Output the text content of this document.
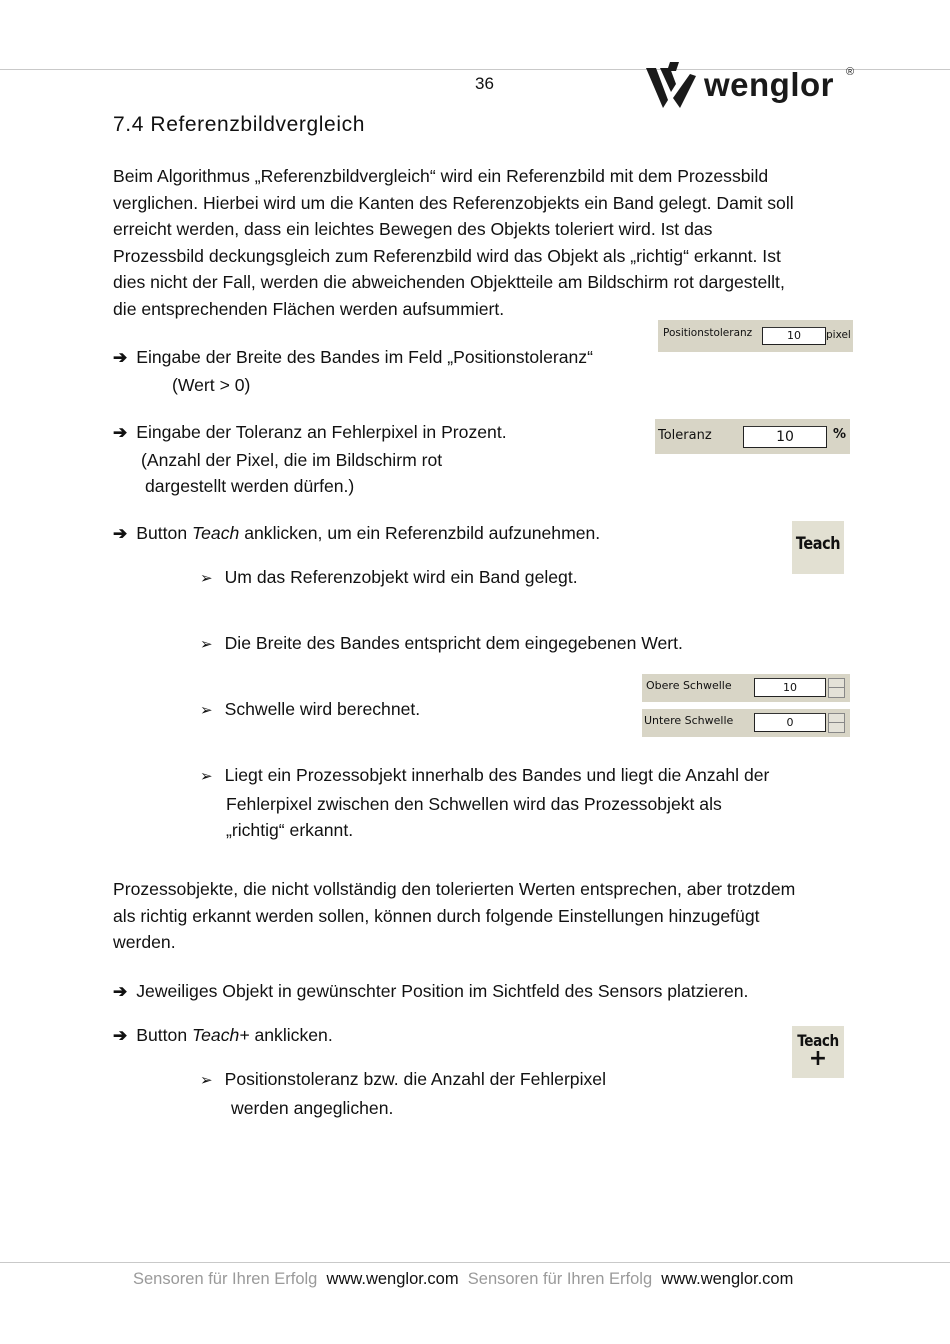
36	wenglor ®
7.4 Referenzbildvergleich
Beim Algorithmus „Referenzbildvergleich“ wird ein Referenzbild mit dem Prozessbild
verglichen. Hierbei wird um die Kanten des Referenzobjekts ein Band gelegt. Damit soll
erreicht werden, dass ein leichtes Bewegen des Objekts toleriert wird. Ist das
Prozessbild deckungsgleich zum Referenzbild wird das Objekt als „richtig“ erkannt. Ist
dies nicht der Fall, werden die abweichenden Objektteile am Bildschirm rot dargestellt,
die entsprechenden Flächen werden aufsummiert.
Positionstoleranz	10	pixel
➔ Eingabe der Breite des Bandes im Feld „Positionstoleranz“
(Wert > 0)
Toleranz	10	%
➔ Eingabe der Toleranz an Fehlerpixel in Prozent.
(Anzahl der Pixel, die im Bildschirm rot
dargestellt werden dürfen.)
Teach
➔ Button Teach anklicken, um ein Referenzbild aufzunehmen.
➢ Um das Referenzobjekt wird ein Band gelegt.
➢ Die Breite des Bandes entspricht dem eingegebenen Wert.
Obere Schwelle	10
Untere Schwelle	0
➢ Schwelle wird berechnet.
➢ Liegt ein Prozessobjekt innerhalb des Bandes und liegt die Anzahl der
Fehlerpixel zwischen den Schwellen wird das Prozessobjekt als
„richtig“ erkannt.
Prozessobjekte, die nicht vollständig den tolerierten Werten entsprechen, aber trotzdem
als richtig erkannt werden sollen, können durch folgende Einstellungen hinzugefügt
werden.
➔ Jeweiliges Objekt in gewünschter Position im Sichtfeld des Sensors platzieren.
Teach
+
➔ Button Teach+ anklicken.
➢ Positionstoleranz bzw. die Anzahl der Fehlerpixel
werden angeglichen.
Sensoren für Ihren Erfolg www.wenglor.com Sensoren für Ihren Erfolg www.wenglor.com
